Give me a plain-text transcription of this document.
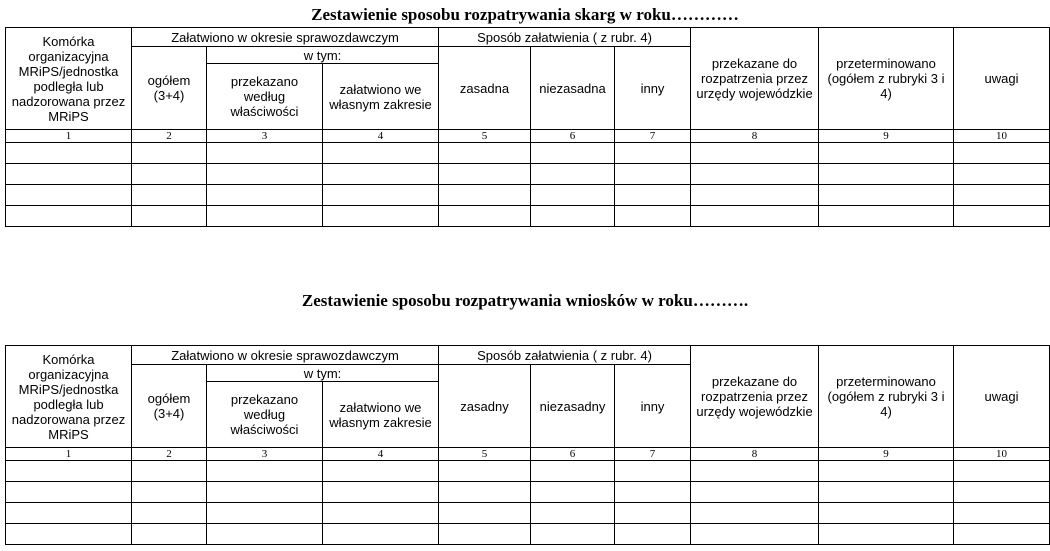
Zestawienie sposobu rozpatrywania skarg w roku…………
Komórka organizacyjna MRiPS/jednostka podległa lub nadzorowana przez MRiPS	Załatwiono w okresie sprawozdawczym			Sposób załatwienia ( z rubr. 4)			przekazane do rozpatrzenia przez urzędy wojewódzkie	przeterminowano (ogółem z rubryki 3 i 4)	uwagi
	ogółem (3+4)	w tym:		zasadna	niezasadna	inny			
		przekazano według właściwości	załatwiono we własnym zakresie						
1	2	3	4	5	6	7	8	9	10

Zestawienie sposobu rozpatrywania wniosków w roku……….
Komórka organizacyjna MRiPS/jednostka podległa lub nadzorowana przez MRiPS	Załatwiono w okresie sprawozdawczym			Sposób załatwienia ( z rubr. 4)			przekazane do rozpatrzenia przez urzędy wojewódzkie	przeterminowano (ogółem z rubryki 3 i 4)	uwagi
	ogółem (3+4)	w tym:		zasadny	niezasadny	inny			
		przekazano według właściwości	załatwiono we własnym zakresie						
1	2	3	4	5	6	7	8	9	10
